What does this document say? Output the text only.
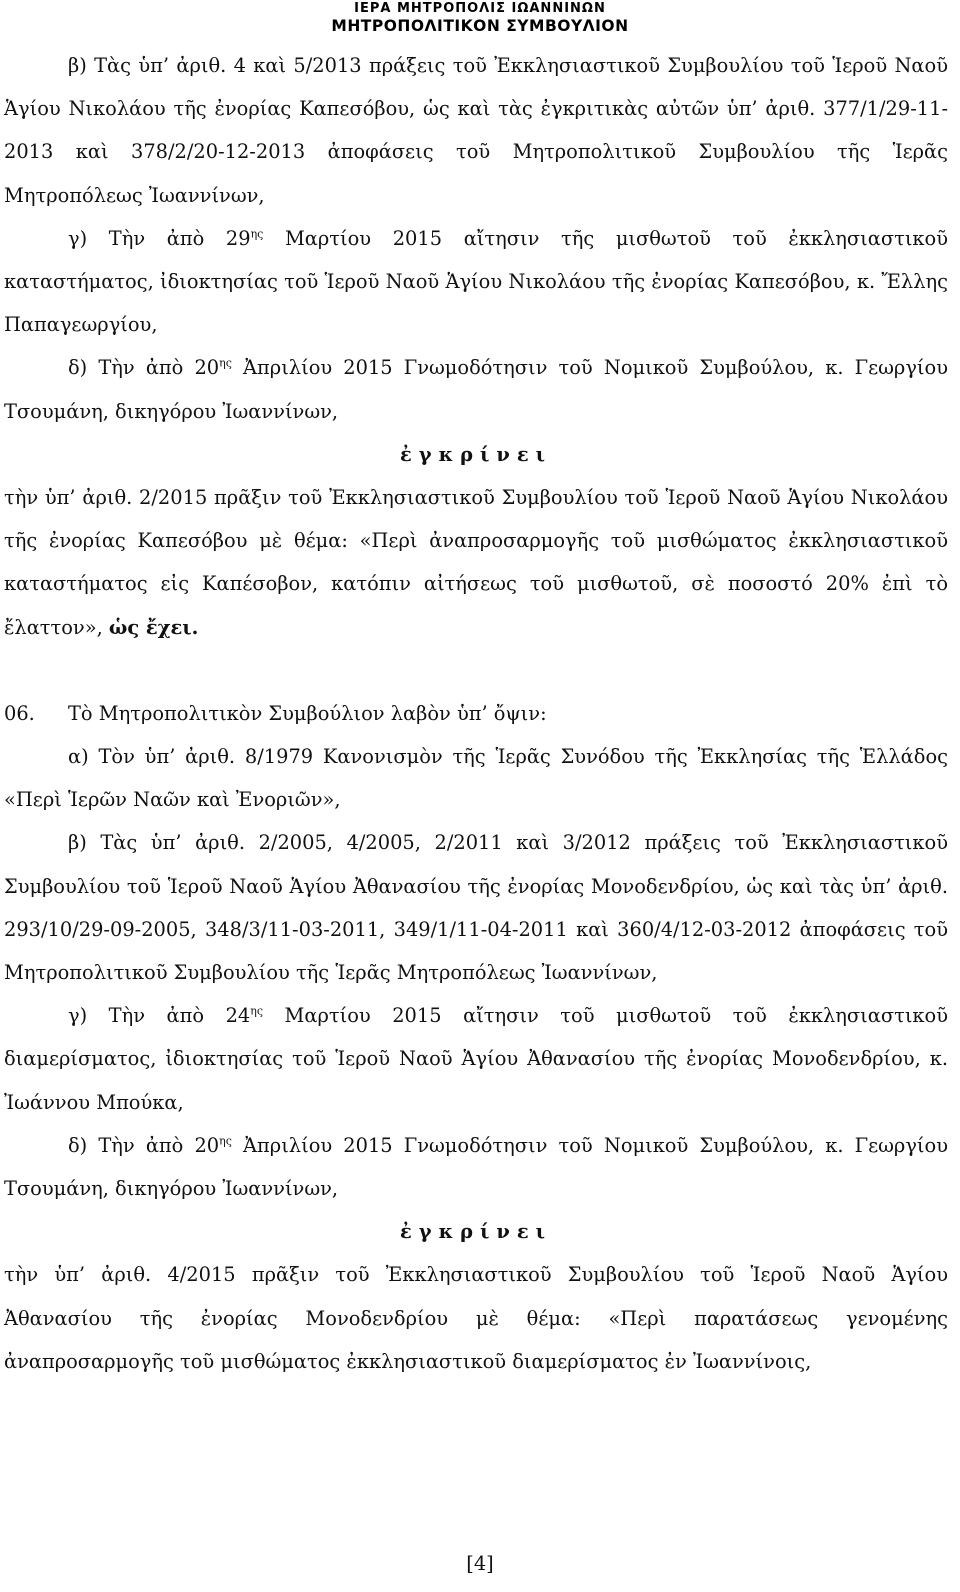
ΙΕΡΑ ΜΗΤΡΟΠΟΛΙΣ ΙΩΑΝΝΙΝΩΝ
ΜΗΤΡΟΠΟΛΙΤΙΚΟΝ ΣΥΜΒΟΥΛΙΟΝ

β) Τὰς ὑπ’ ἀριθ. 4 καὶ 5/2013 πράξεις τοῦ Ἐκκλησιαστικοῦ Συμβουλίου τοῦ Ἱεροῦ Ναοῦ Ἁγίου Νικολάου τῆς ἐνορίας Καπεσόβου, ὡς καὶ τὰς ἐγκριτικὰς αὐτῶν ὑπ’ ἀριθ. 377/1/29-11-2013 καὶ 378/2/20-12-2013 ἀποφάσεις τοῦ Μητροπολιτικοῦ Συμβουλίου τῆς Ἱερᾶς Μητροπόλεως Ἰωαννίνων,

γ) Τὴν ἀπὸ $29^{\eta\varsigma}$ Μαρτίου 2015 αἴτησιν τῆς μισθωτοῦ τοῦ ἐκκλησιαστικοῦ καταστήματος, ἰδιοκτησίας τοῦ Ἱεροῦ Ναοῦ Ἁγίου Νικολάου τῆς ἐνορίας Καπεσόβου, κ. Ἔλλης Παπαγεωργίου,

δ) Τὴν ἀπὸ $20^{\eta\varsigma}$ Ἀπριλίου 2015 Γνωμοδότησιν τοῦ Νομικοῦ Συμβούλου, κ. Γεωργίου Τσουμάνη, δικηγόρου Ἰωαννίνων,

ἐγκρίνει

τὴν ὑπ’ ἀριθ. 2/2015 πρᾶξιν τοῦ Ἐκκλησιαστικοῦ Συμβουλίου τοῦ Ἱεροῦ Ναοῦ Ἁγίου Νικολάου τῆς ἐνορίας Καπεσόβου μὲ θέμα: «Περὶ ἀναπροσαρμογῆς τοῦ μισθώματος ἐκκλησιαστικοῦ καταστήματος εἰς Καπέσοβον, κατόπιν αἰτήσεως τοῦ μισθωτοῦ, σὲ ποσοστό 20% ἐπὶ τὸ ἔλαττον», ὡς ἔχει.

06.	Τὸ Μητροπολιτικὸν Συμβούλιον λαβὸν ὑπ’ ὄψιν:

α) Τὸν ὑπ’ ἀριθ. 8/1979 Κανονισμὸν τῆς Ἱερᾶς Συνόδου τῆς Ἐκκλησίας τῆς Ἑλλάδος «Περὶ Ἱερῶν Ναῶν καὶ Ἐνοριῶν»,

β) Τὰς ὑπ’ ἀριθ. 2/2005, 4/2005, 2/2011 καὶ 3/2012 πράξεις τοῦ Ἐκκλησιαστικοῦ Συμβουλίου τοῦ Ἱεροῦ Ναοῦ Ἁγίου Ἀθανασίου τῆς ἐνορίας Μονοδενδρίου, ὡς καὶ τὰς ὑπ’ ἀριθ. 293/10/29-09-2005, 348/3/11-03-2011, 349/1/11-04-2011 καὶ 360/4/12-03-2012 ἀποφάσεις τοῦ Μητροπολιτικοῦ Συμβουλίου τῆς Ἱερᾶς Μητροπόλεως Ἰωαννίνων,

γ) Τὴν ἀπὸ $24^{\eta\varsigma}$ Μαρτίου 2015 αἴτησιν τοῦ μισθωτοῦ τοῦ ἐκκλησιαστικοῦ διαμερίσματος, ἰδιοκτησίας τοῦ Ἱεροῦ Ναοῦ Ἁγίου Ἀθανασίου τῆς ἐνορίας Μονοδενδρίου, κ. Ἰωάννου Μπούκα,

δ) Τὴν ἀπὸ $20^{\eta\varsigma}$ Ἀπριλίου 2015 Γνωμοδότησιν τοῦ Νομικοῦ Συμβούλου, κ. Γεωργίου Τσουμάνη, δικηγόρου Ἰωαννίνων,

ἐγκρίνει

τὴν ὑπ’ ἀριθ. 4/2015 πρᾶξιν τοῦ Ἐκκλησιαστικοῦ Συμβουλίου τοῦ Ἱεροῦ Ναοῦ Ἁγίου Ἀθανασίου τῆς ἐνορίας Μονοδενδρίου μὲ θέμα: «Περὶ παρατάσεως γενομένης ἀναπροσαρμογῆς τοῦ μισθώματος ἐκκλησιαστικοῦ διαμερίσματος ἐν Ἰωαννίνοις,

[4]
